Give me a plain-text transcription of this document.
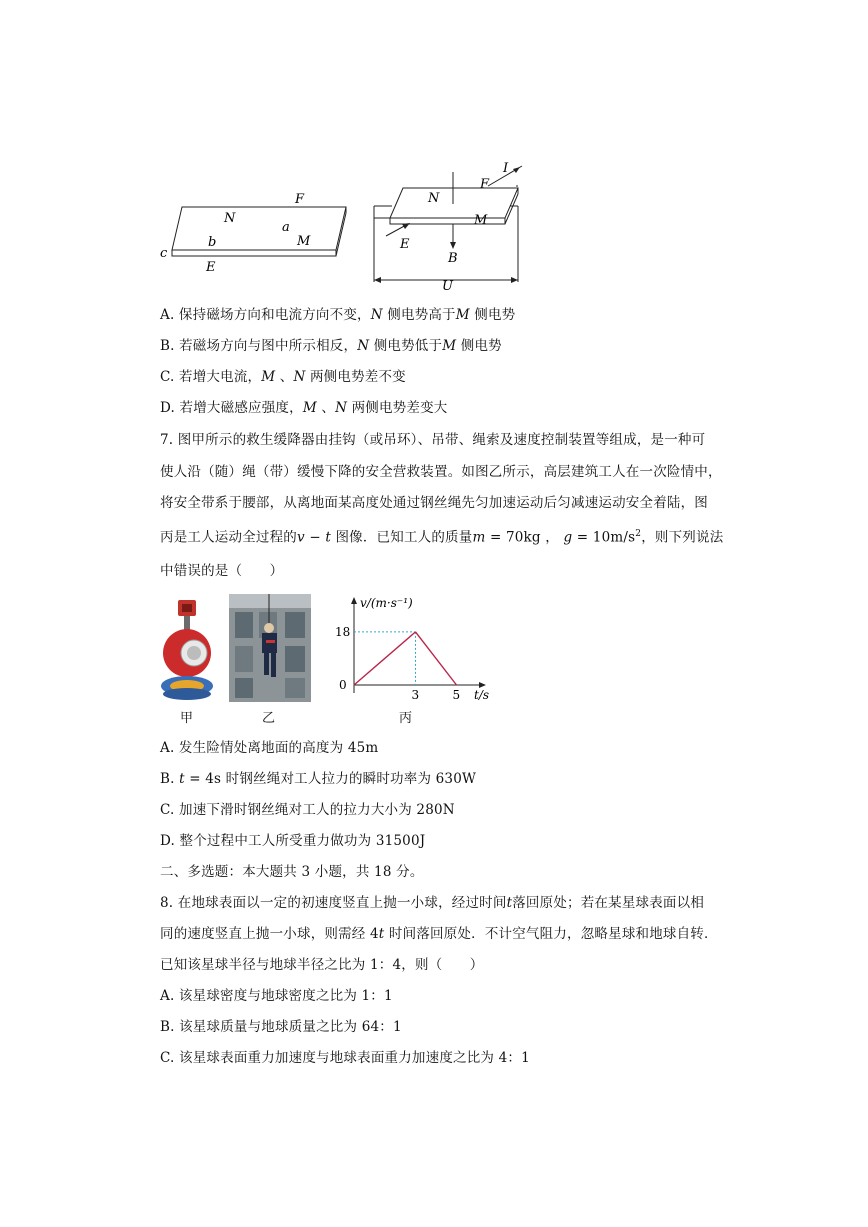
F
N
a
b	M
c
E
I
N
F
M
E
B
U
A. 保持磁场方向和电流方向不变，N 侧电势高于M 侧电势
B. 若磁场方向与图中所示相反，N 侧电势低于M 侧电势
C. 若增大电流，M 、N 两侧电势差不变
D. 若增大磁感应强度，M 、N 两侧电势差变大
7. 图甲所示的救生缓降器由挂钩（或吊环）、吊带、绳索及速度控制装置等组成，是一种可
使人沿（随）绳（带）缓慢下降的安全营救装置。如图乙所示，高层建筑工人在一次险情中，
将安全带系于腰部，从离地面某高度处通过钢丝绳先匀加速运动后匀减速运动安全着陆，图
丙是工人运动全过程的v − t 图像．已知工人的质量m = 70kg ， $g = 10m/s^2$，则下列说法
中错误的是（　　）
甲	乙
v/(m·s⁻¹)
t/s
0
3	5
18
丙
A. 发生险情处离地面的高度为 45m
B. t = 4s 时钢丝绳对工人拉力的瞬时功率为 630W
C. 加速下滑时钢丝绳对工人的拉力大小为 280N
D. 整个过程中工人所受重力做功为 31500J
二、多选题：本大题共 3 小题，共 18 分。
8. 在地球表面以一定的初速度竖直上抛一小球，经过时间t落回原处；若在某星球表面以相
同的速度竖直上抛一小球，则需经 4t 时间落回原处．不计空气阻力，忽略星球和地球自转．
已知该星球半径与地球半径之比为 1：4，则（　　）
A. 该星球密度与地球密度之比为 1：1
B. 该星球质量与地球质量之比为 64：1
C. 该星球表面重力加速度与地球表面重力加速度之比为 4：1
